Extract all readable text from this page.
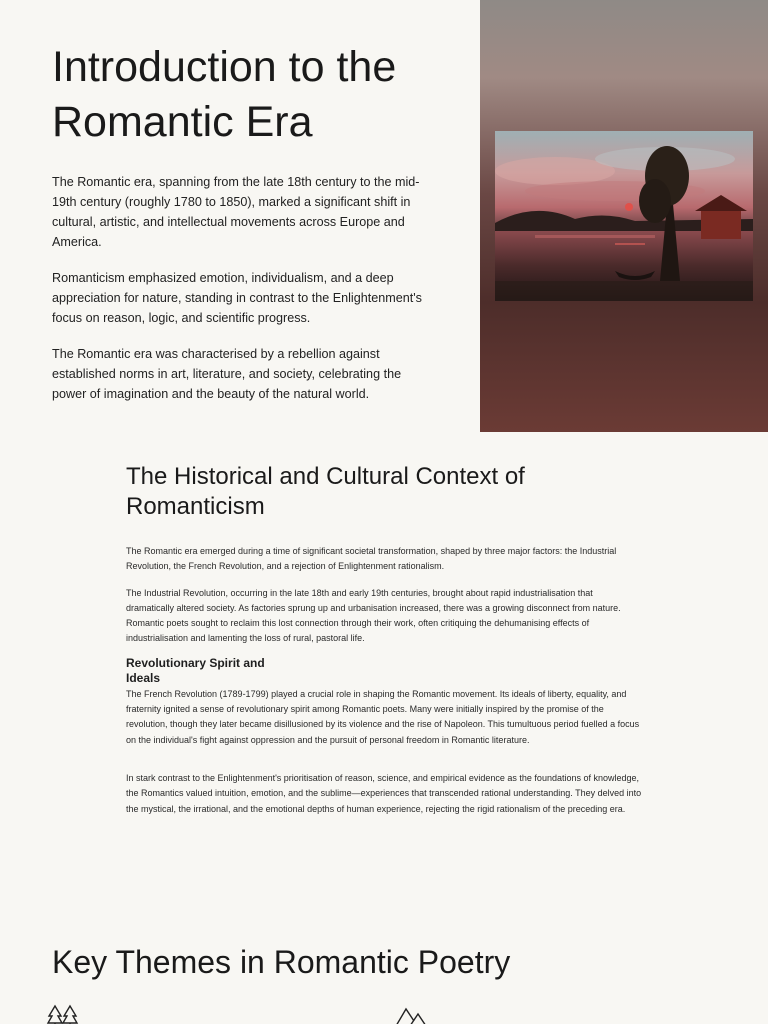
Introduction to the Romantic Era

The Romantic era, spanning from the late 18th century to the mid-19th century (roughly 1780 to 1850), marked a significant shift in cultural, artistic, and intellectual movements across Europe and America.

Romanticism emphasized emotion, individualism, and a deep appreciation for nature, standing in contrast to the Enlightenment's focus on reason, logic, and scientific progress.

The Romantic era was characterised by a rebellion against established norms in art, literature, and society, celebrating the power of imagination and the beauty of the natural world.

The Historical and Cultural Context of Romanticism

The Romantic era emerged during a time of significant societal transformation, shaped by three major factors: the Industrial Revolution, the French Revolution, and a rejection of Enlightenment rationalism.

The Industrial Revolution, occurring in the late 18th and early 19th centuries, brought about rapid industrialisation that dramatically altered society. As factories sprung up and urbanisation increased, there was a growing disconnect from nature. Romantic poets sought to reclaim this lost connection through their work, often critiquing the dehumanising effects of industrialisation and lamenting the loss of rural, pastoral life.

Revolutionary Spirit and Ideals

The French Revolution (1789-1799) played a crucial role in shaping the Romantic movement. Its ideals of liberty, equality, and fraternity ignited a sense of revolutionary spirit among Romantic poets. Many were initially inspired by the promise of the revolution, though they later became disillusioned by its violence and the rise of Napoleon. This tumultuous period fuelled a focus on the individual's fight against oppression and the pursuit of personal freedom in Romantic literature.

In stark contrast to the Enlightenment's prioritisation of reason, science, and empirical evidence as the foundations of knowledge, the Romantics valued intuition, emotion, and the sublime—experiences that transcended rational understanding. They delved into the mystical, the irrational, and the emotional depths of human experience, rejecting the rigid rationalism of the preceding era.

Key Themes in Romantic Poetry
